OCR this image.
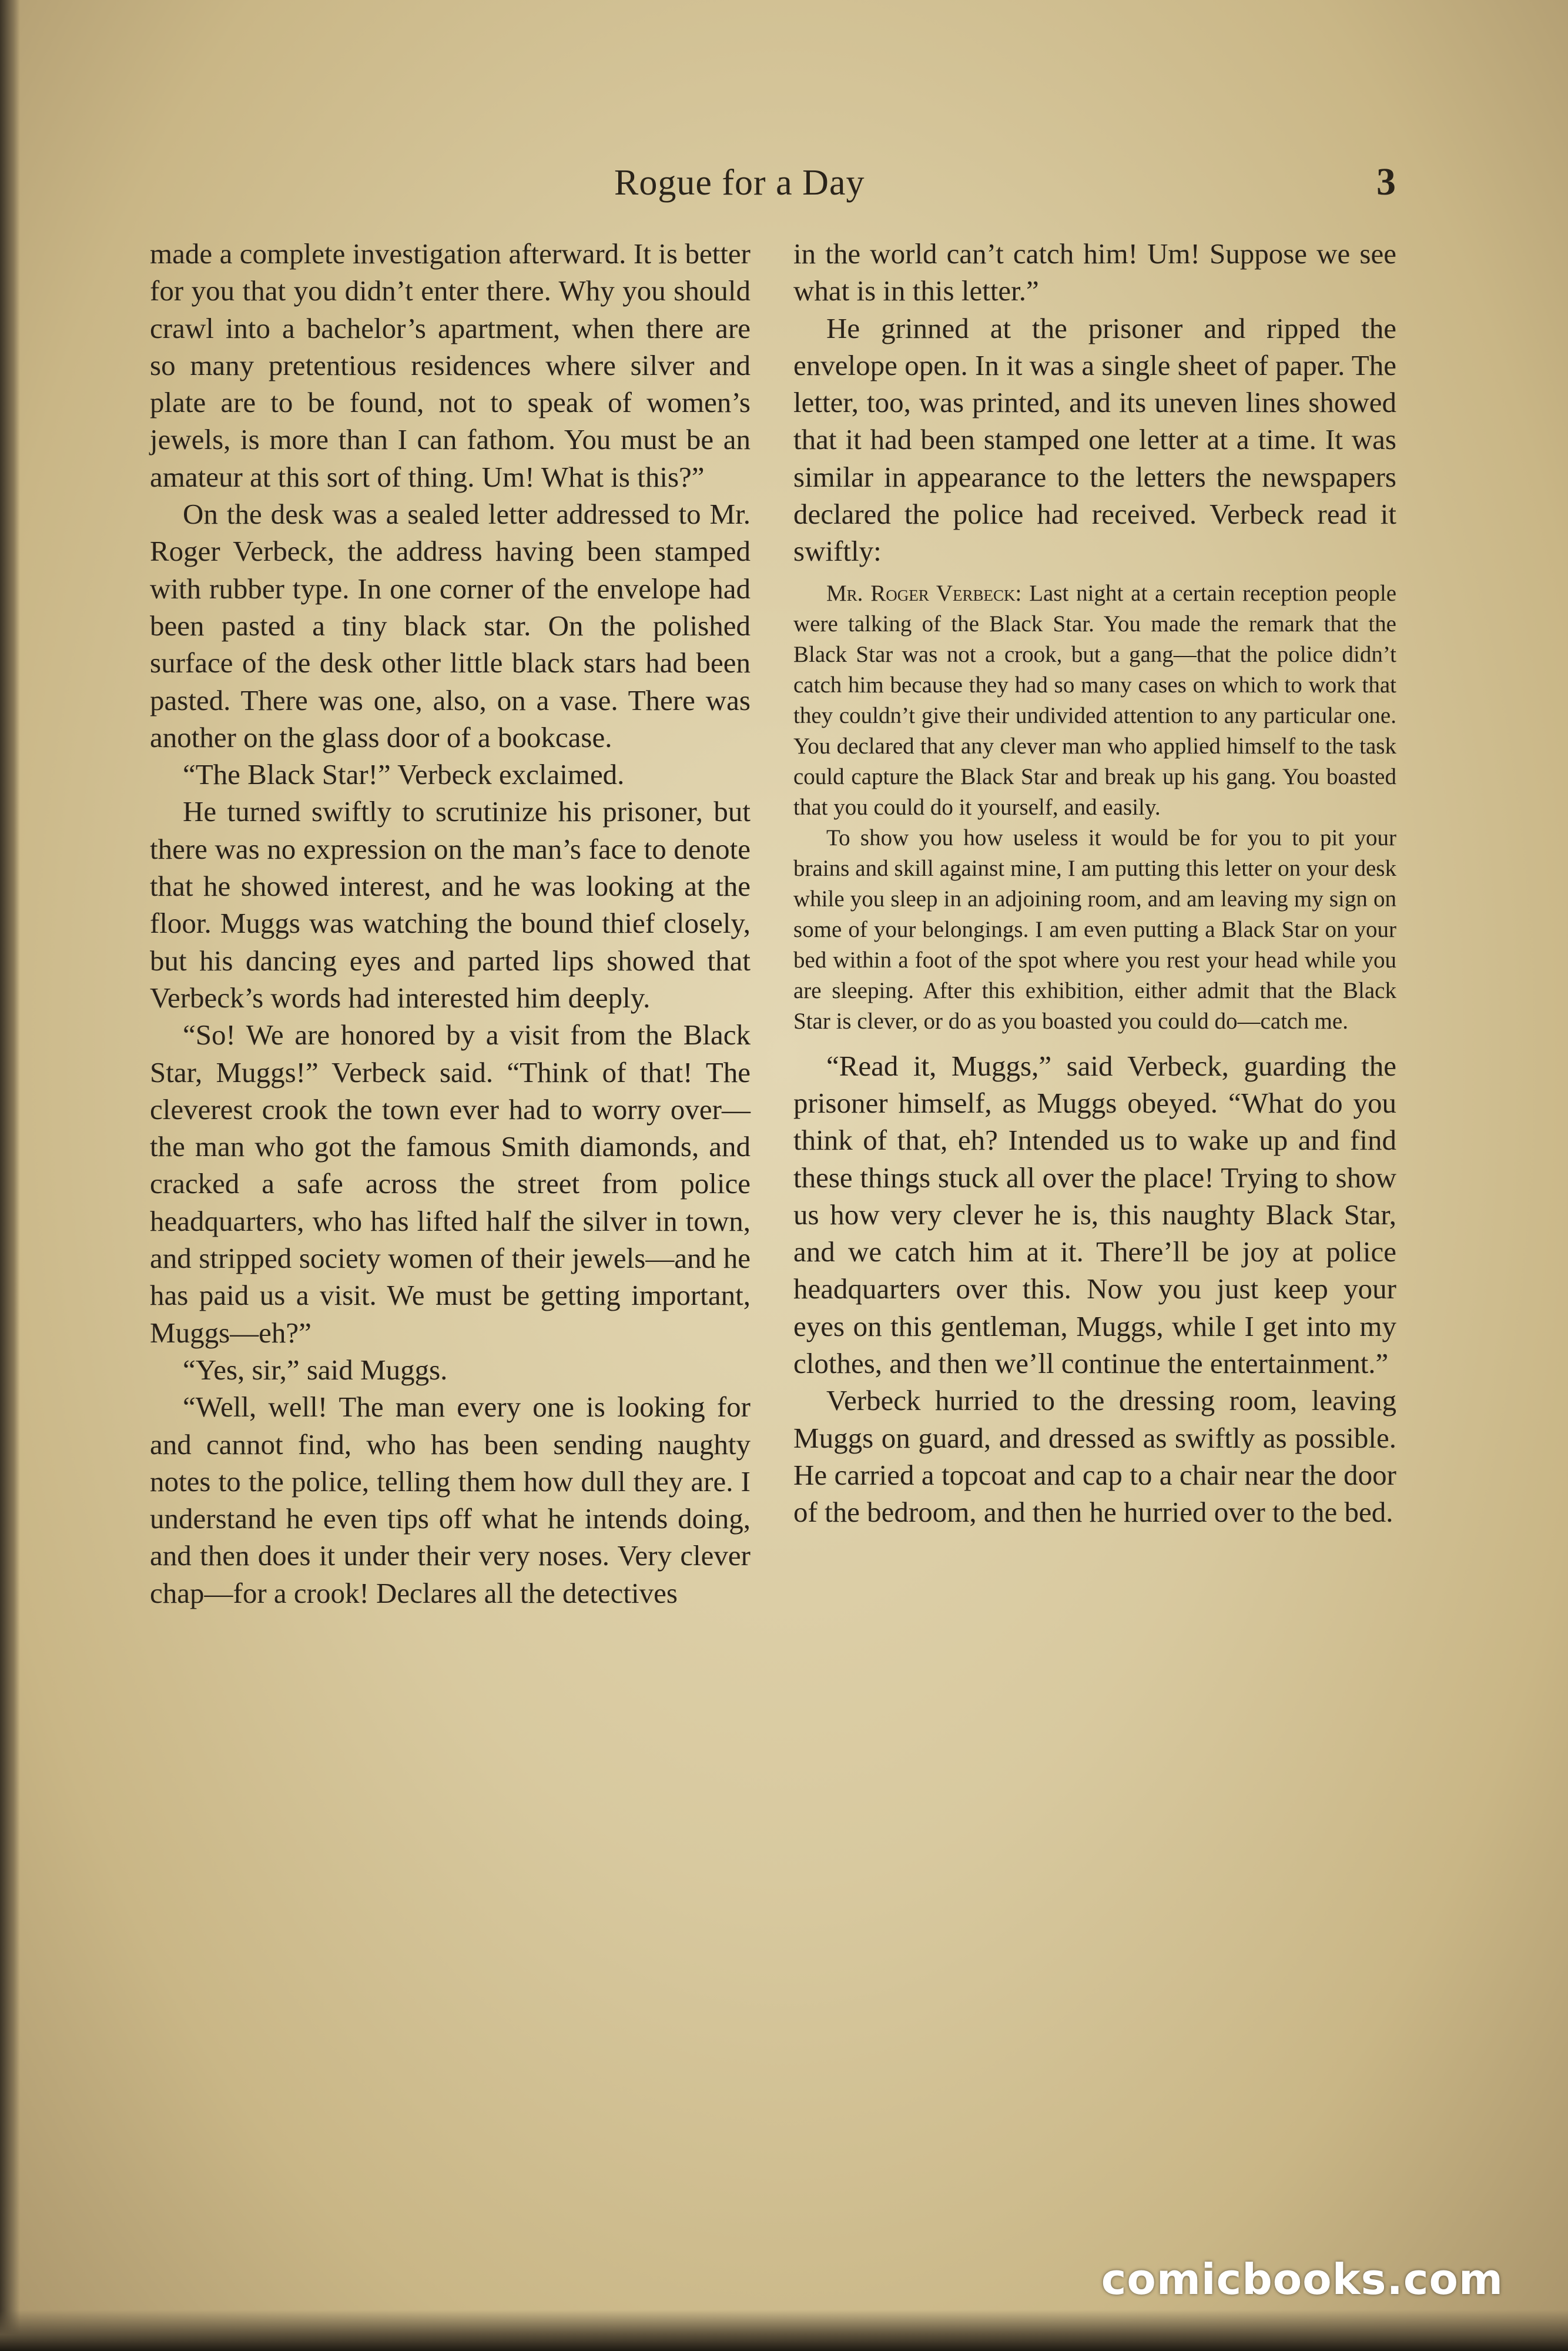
Rogue for a Day	3

made a complete investigation afterward. It is better for you that you didn’t enter there. Why you should crawl into a bachelor’s apartment, when there are so many pretentious residences where silver and plate are to be found, not to speak of women’s jewels, is more than I can fathom. You must be an amateur at this sort of thing. Um! What is this?”

On the desk was a sealed letter addressed to Mr. Roger Verbeck, the address having been stamped with rubber type. In one corner of the envelope had been pasted a tiny black star. On the polished surface of the desk other little black stars had been pasted. There was one, also, on a vase. There was another on the glass door of a bookcase.

“The Black Star!” Verbeck exclaimed.

He turned swiftly to scrutinize his prisoner, but there was no expression on the man’s face to denote that he showed interest, and he was looking at the floor. Muggs was watching the bound thief closely, but his dancing eyes and parted lips showed that Verbeck’s words had interested him deeply.

“So! We are honored by a visit from the Black Star, Muggs!” Verbeck said. “Think of that! The cleverest crook the town ever had to worry over—the man who got the famous Smith diamonds, and cracked a safe across the street from police headquarters, who has lifted half the silver in town, and stripped society women of their jewels—and he has paid us a visit. We must be getting important, Muggs—eh?”

“Yes, sir,” said Muggs.

“Well, well! The man every one is looking for and cannot find, who has been sending naughty notes to the police, telling them how dull they are. I understand he even tips off what he intends doing, and then does it under their very noses. Very clever chap—for a crook! Declares all the detectives

in the world can’t catch him! Um! Suppose we see what is in this letter.”

He grinned at the prisoner and ripped the envelope open. In it was a single sheet of paper. The letter, too, was printed, and its uneven lines showed that it had been stamped one letter at a time. It was similar in appearance to the letters the newspapers declared the police had received. Verbeck read it swiftly:

Mr. Roger Verbeck: Last night at a certain reception people were talking of the Black Star. You made the remark that the Black Star was not a crook, but a gang—that the police didn’t catch him because they had so many cases on which to work that they couldn’t give their undivided attention to any particular one. You declared that any clever man who applied himself to the task could capture the Black Star and break up his gang. You boasted that you could do it yourself, and easily.

To show you how useless it would be for you to pit your brains and skill against mine, I am putting this letter on your desk while you sleep in an adjoining room, and am leaving my sign on some of your belongings. I am even putting a Black Star on your bed within a foot of the spot where you rest your head while you are sleeping. After this exhibition, either admit that the Black Star is clever, or do as you boasted you could do—catch me.

“Read it, Muggs,” said Verbeck, guarding the prisoner himself, as Muggs obeyed. “What do you think of that, eh? Intended us to wake up and find these things stuck all over the place! Trying to show us how very clever he is, this naughty Black Star, and we catch him at it. There’ll be joy at police headquarters over this. Now you just keep your eyes on this gentleman, Muggs, while I get into my clothes, and then we’ll continue the entertainment.”

Verbeck hurried to the dressing room, leaving Muggs on guard, and dressed as swiftly as possible. He carried a topcoat and cap to a chair near the door of the bedroom, and then he hurried over to the bed.

comicbooks.com
